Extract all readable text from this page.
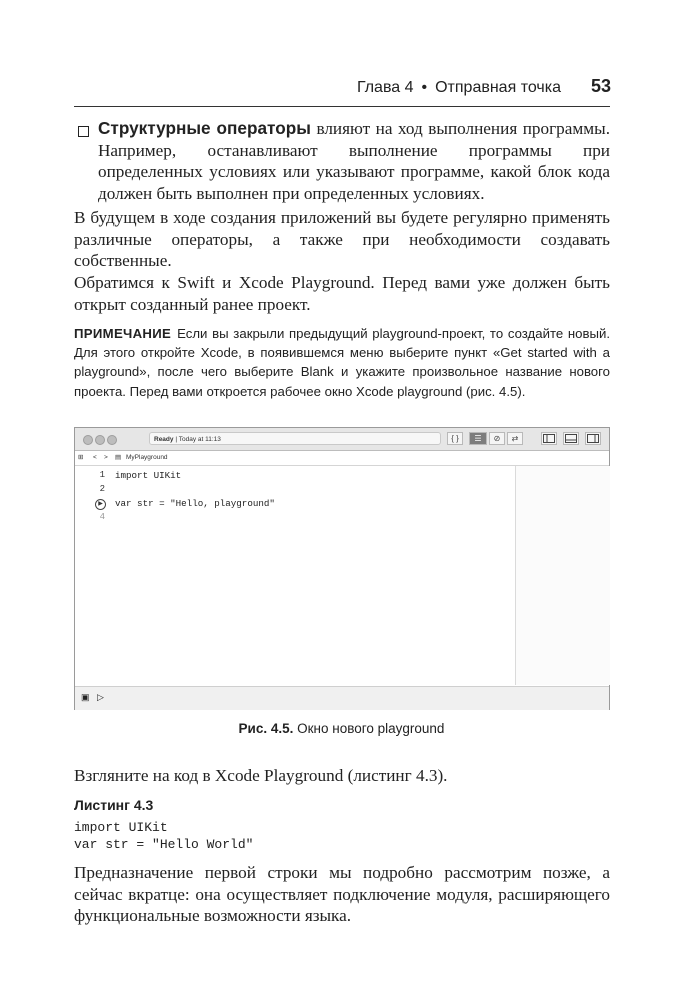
Глава 4 • Отправная точка 53
Структурные операторы влияют на ход выполнения программы. Например, останавливают выполнение программы при определенных условиях или указывают программе, какой блок кода должен быть выполнен при определенных условиях.
В будущем в ходе создания приложений вы будете регулярно применять различные операторы, а также при необходимости создавать собственные.
Обратимся к Swift и Xcode Playground. Перед вами уже должен быть открыт созданный ранее проект.
ПРИМЕЧАНИЕ Если вы закрыли предыдущий playground-проект, то создайте новый. Для этого откройте Xcode, в появившемся меню выберите пункт «Get started with a playground», после чего выберите Blank и укажите произвольное название нового проекта. Перед вами откроется рабочее окно Xcode playground (рис. 4.5).
Ready | Today at 11:13	{ }	☰	⊘	⇄
⊞ < > ▤ MyPlayground
1
2
▶
4
import UIKit
var str = "Hello, playground"
▣ ▷
Рис. 4.5. Окно нового playground
Взгляните на код в Xcode Playground (листинг 4.3).
Листинг 4.3
import UIKit
var str = "Hello World"
Предназначение первой строки мы подробно рассмотрим позже, а сейчас вкратце: она осуществляет подключение модуля, расширяющего функциональные возможности языка.
